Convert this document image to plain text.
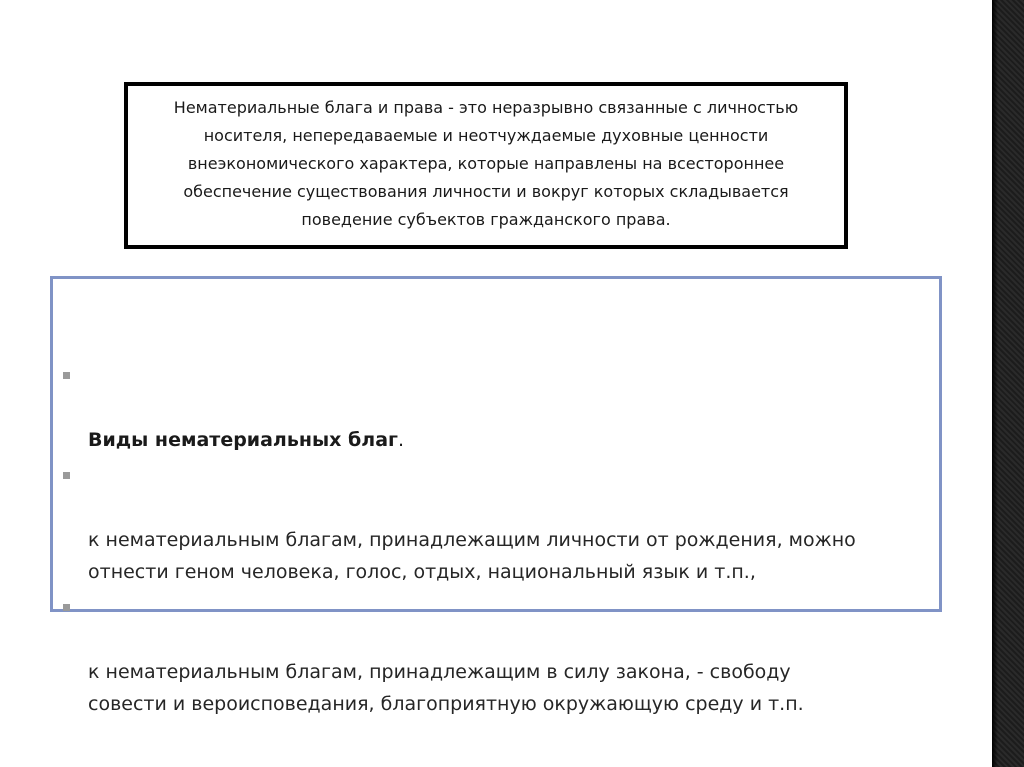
Нематериальные блага и права - это неразрывно связанные с личностью
носителя, непередаваемые и неотчуждаемые духовные ценности
внеэкономического характера, которые направлены на всестороннее
обеспечение существования личности и вокруг которых складывается
поведение субъектов гражданского права.

Виды нематериальных благ.

к нематериальным благам, принадлежащим личности от рождения, можно
отнести геном человека, голос, отдых, национальный язык и т.п.,

к нематериальным благам, принадлежащим в силу закона, - свободу
совести и вероисповедания, благоприятную окружающую среду и т.п.
